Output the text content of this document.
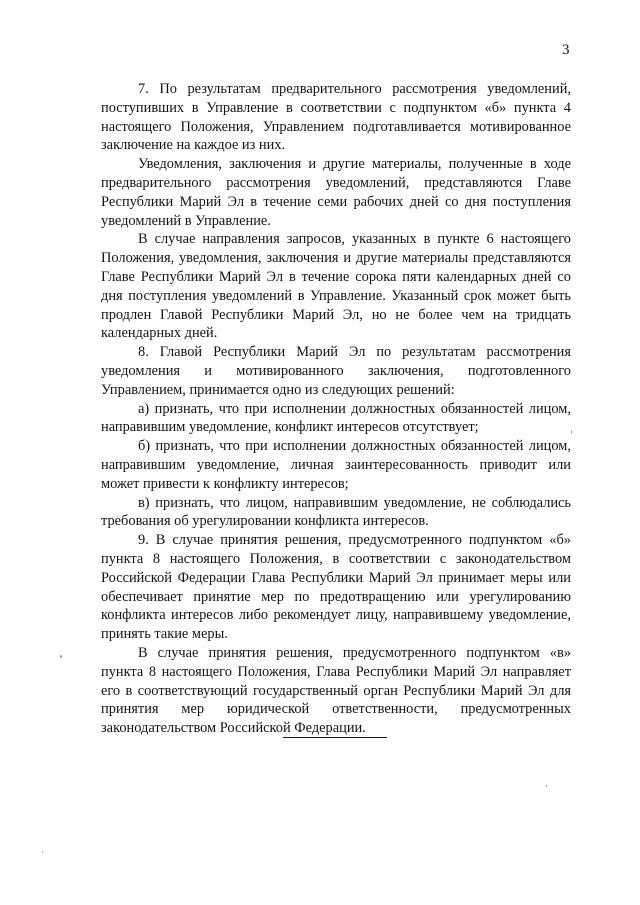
3

7. По результатам предварительного рассмотрения уведомлений, поступивших в Управление в соответствии с подпунктом «б» пункта 4 настоящего Положения, Управлением подготавливается мотивированное заключение на каждое из них.

Уведомления, заключения и другие материалы, полученные в ходе предварительного рассмотрения уведомлений, представляются Главе Республики Марий Эл в течение семи рабочих дней со дня поступления уведомлений в Управление.

В случае направления запросов, указанных в пункте 6 настоящего Положения, уведомления, заключения и другие материалы представляются Главе Республики Марий Эл в течение сорока пяти календарных дней со дня поступления уведомлений в Управление. Указанный срок может быть продлен Главой Республики Марий Эл, но не более чем на тридцать календарных дней.

8. Главой Республики Марий Эл по результатам рассмотрения уведомления и мотивированного заключения, подготовленного Управлением, принимается одно из следующих решений:

а) признать, что при исполнении должностных обязанностей лицом, направившим уведомление, конфликт интересов отсутствует;

б) признать, что при исполнении должностных обязанностей лицом, направившим уведомление, личная заинтересованность приводит или может привести к конфликту интересов;

в) признать, что лицом, направившим уведомление, не соблюдались требования об урегулировании конфликта интересов.

9. В случае принятия решения, предусмотренного подпунктом «б» пункта 8 настоящего Положения, в соответствии с законодательством Российской Федерации Глава Республики Марий Эл принимает меры или обеспечивает принятие мер по предотвращению или урегулированию конфликта интересов либо рекомендует лицу, направившему уведомление, принять такие меры.

В случае принятия решения, предусмотренного подпунктом «в» пункта 8 настоящего Положения, Глава Республики Марий Эл направляет его в соответствующий государственный орган Республики Марий Эл для принятия мер юридической ответственности, предусмотренных законодательством Российской Федерации.
